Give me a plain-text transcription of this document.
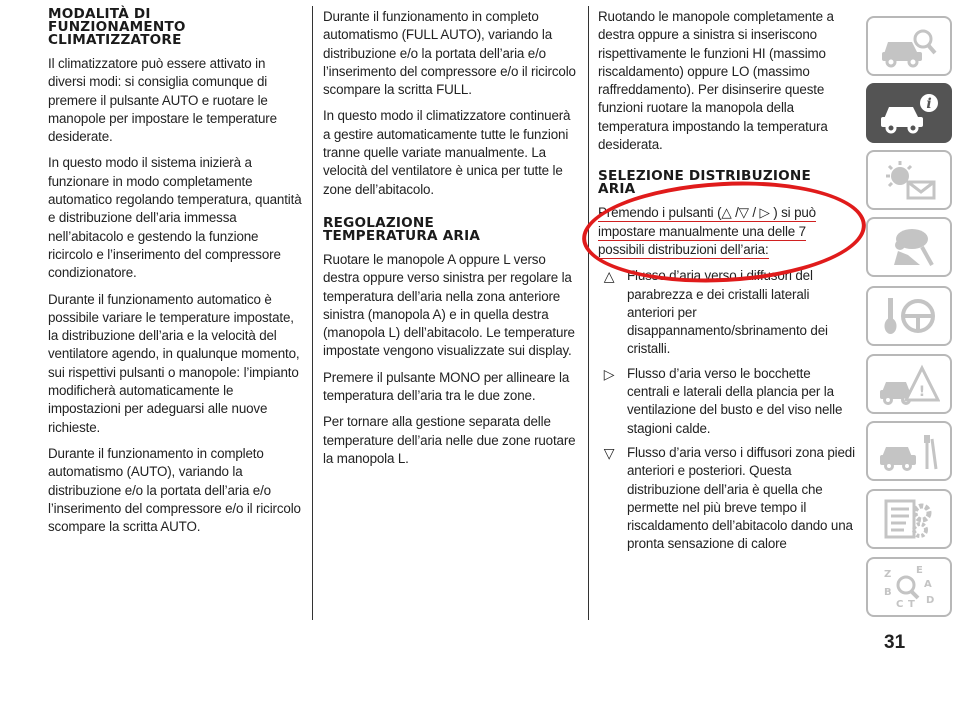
MODALITÀ DI FUNZIONAMENTO CLIMATIZZATORE

Il climatizzatore può essere attivato in diversi modi: si consiglia comunque di premere il pulsante AUTO e ruotare le manopole per impostare le temperature desiderate.

In questo modo il sistema inizierà a funzionare in modo completamente automatico regolando temperatura, quantità e distribuzione dell’aria immessa nell’abitacolo e gestendo la funzione ricircolo e l’inserimento del compressore condizionatore.

Durante il funzionamento automatico è possibile variare le temperature impostate, la distribuzione dell’aria e la velocità del ventilatore agendo, in qualunque momento, sui rispettivi pulsanti o manopole: l’impianto modificherà automaticamente le impostazioni per adeguarsi alle nuove richieste.

Durante il funzionamento in completo automatismo (AUTO), variando la distribuzione e/o la portata dell’aria e/o l’inserimento del compressore e/o il ricircolo scompare la scritta AUTO.

Durante il funzionamento in completo automatismo (FULL AUTO), variando la distribuzione e/o la portata dell’aria e/o l’inserimento del compressore e/o il ricircolo scompare la scritta FULL.

In questo modo il climatizzatore continuerà a gestire automaticamente tutte le funzioni tranne quelle variate manualmente. La velocità del ventilatore è unica per tutte le zone dell’abitacolo.

REGOLAZIONE TEMPERATURA ARIA

Ruotare le manopole A oppure L verso destra oppure verso sinistra per regolare la temperatura dell’aria nella zona anteriore sinistra (manopola A) e in quella destra (manopola L) dell’abitacolo. Le temperature impostate vengono visualizzate sui display.

Premere il pulsante MONO per allineare la temperatura dell’aria tra le due zone.

Per tornare alla gestione separata delle temperature dell’aria nelle due zone ruotare la manopola L.

Ruotando le manopole completamente a destra oppure a sinistra si inseriscono rispettivamente le funzioni HI (massimo riscaldamento) oppure LO (massimo raffreddamento). Per disinserire queste funzioni ruotare la manopola della temperatura impostando la temperatura desiderata.

SELEZIONE DISTRIBUZIONE ARIA

Premendo i pulsanti (△ /▽ / ▷ ) si può
impostare manualmente una delle 7
possibili distribuzioni dell’aria:

△ Flusso d’aria verso i diffusori del parabrezza e dei cristalli laterali anteriori per disappannamento/sbrinamento dei cristalli.
▷ Flusso d’aria verso le bocchette centrali e laterali della plancia per la ventilazione del busto e del viso nelle stagioni calde.
▽ Flusso d’aria verso i diffusori zona piedi anteriori e posteriori. Questa distribuzione dell’aria è quella che permette nel più breve tempo il riscaldamento dell’abitacolo dando una pronta sensazione di calore
i
!
Z E
B
A
C D
T
31
